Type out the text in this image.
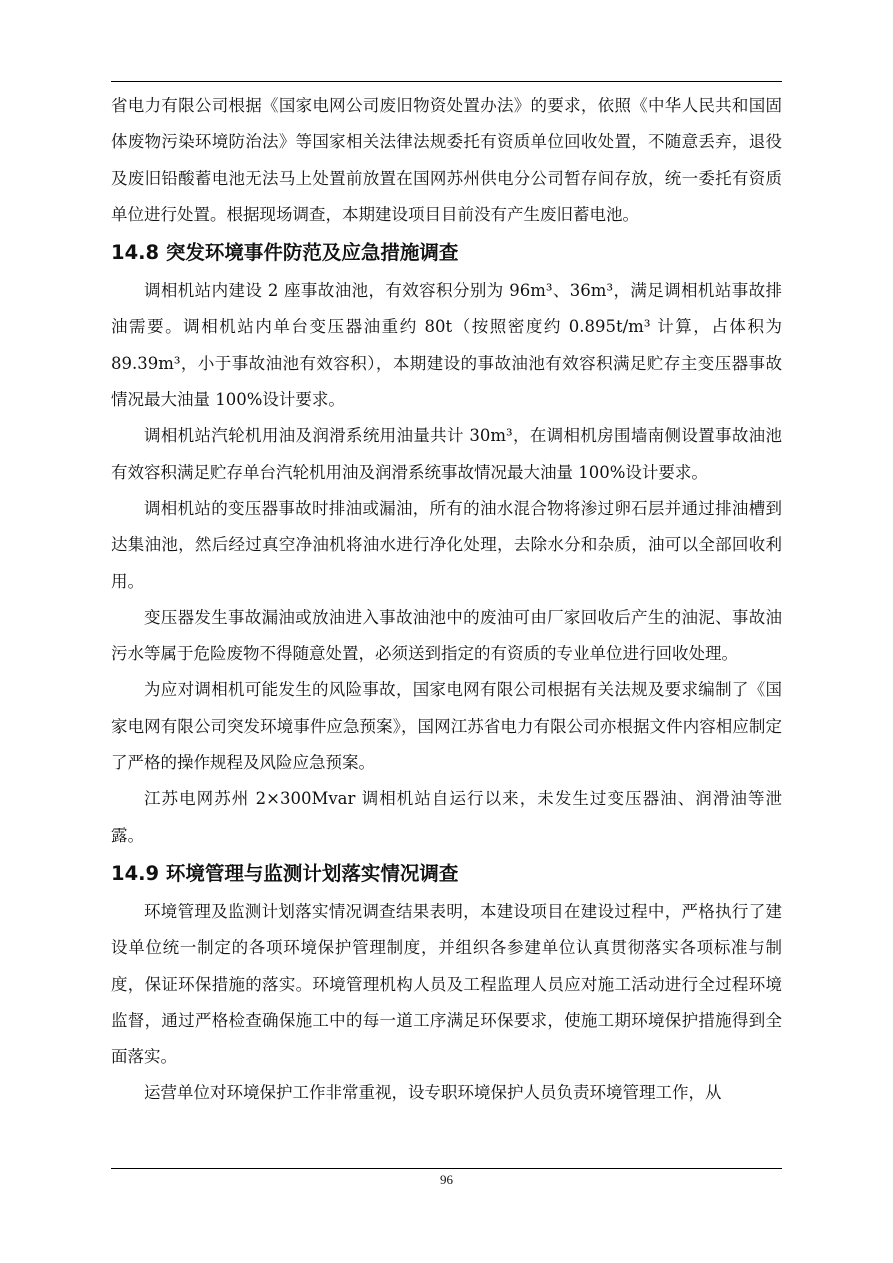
省电力有限公司根据《国家电网公司废旧物资处置办法》的要求，依照《中华人民共和国固体废物污染环境防治法》等国家相关法律法规委托有资质单位回收处置，不随意丢弃，退役及废旧铅酸蓄电池无法马上处置前放置在国网苏州供电分公司暂存间存放，统一委托有资质单位进行处置。根据现场调查，本期建设项目目前没有产生废旧蓄电池。

14.8 突发环境事件防范及应急措施调查

调相机站内建设 2 座事故油池，有效容积分别为 96m³、36m³，满足调相机站事故排油需要。调相机站内单台变压器油重约 80t（按照密度约 0.895t/m³ 计算，占体积为 89.39m³，小于事故油池有效容积），本期建设的事故油池有效容积满足贮存主变压器事故情况最大油量 100%设计要求。

调相机站汽轮机用油及润滑系统用油量共计 30m³，在调相机房围墙南侧设置事故油池有效容积满足贮存单台汽轮机用油及润滑系统事故情况最大油量 100%设计要求。

调相机站的变压器事故时排油或漏油，所有的油水混合物将渗过卵石层并通过排油槽到达集油池，然后经过真空净油机将油水进行净化处理，去除水分和杂质，油可以全部回收利用。

变压器发生事故漏油或放油进入事故油池中的废油可由厂家回收后产生的油泥、事故油污水等属于危险废物不得随意处置，必须送到指定的有资质的专业单位进行回收处理。

为应对调相机可能发生的风险事故，国家电网有限公司根据有关法规及要求编制了《国家电网有限公司突发环境事件应急预案》，国网江苏省电力有限公司亦根据文件内容相应制定了严格的操作规程及风险应急预案。

江苏电网苏州 2×300Mvar 调相机站自运行以来，未发生过变压器油、润滑油等泄露。

14.9 环境管理与监测计划落实情况调查

环境管理及监测计划落实情况调查结果表明，本建设项目在建设过程中，严格执行了建设单位统一制定的各项环境保护管理制度，并组织各参建单位认真贯彻落实各项标准与制度，保证环保措施的落实。环境管理机构人员及工程监理人员应对施工活动进行全过程环境监督，通过严格检查确保施工中的每一道工序满足环保要求，使施工期环境保护措施得到全面落实。

运营单位对环境保护工作非常重视，设专职环境保护人员负责环境管理工作，从

96
